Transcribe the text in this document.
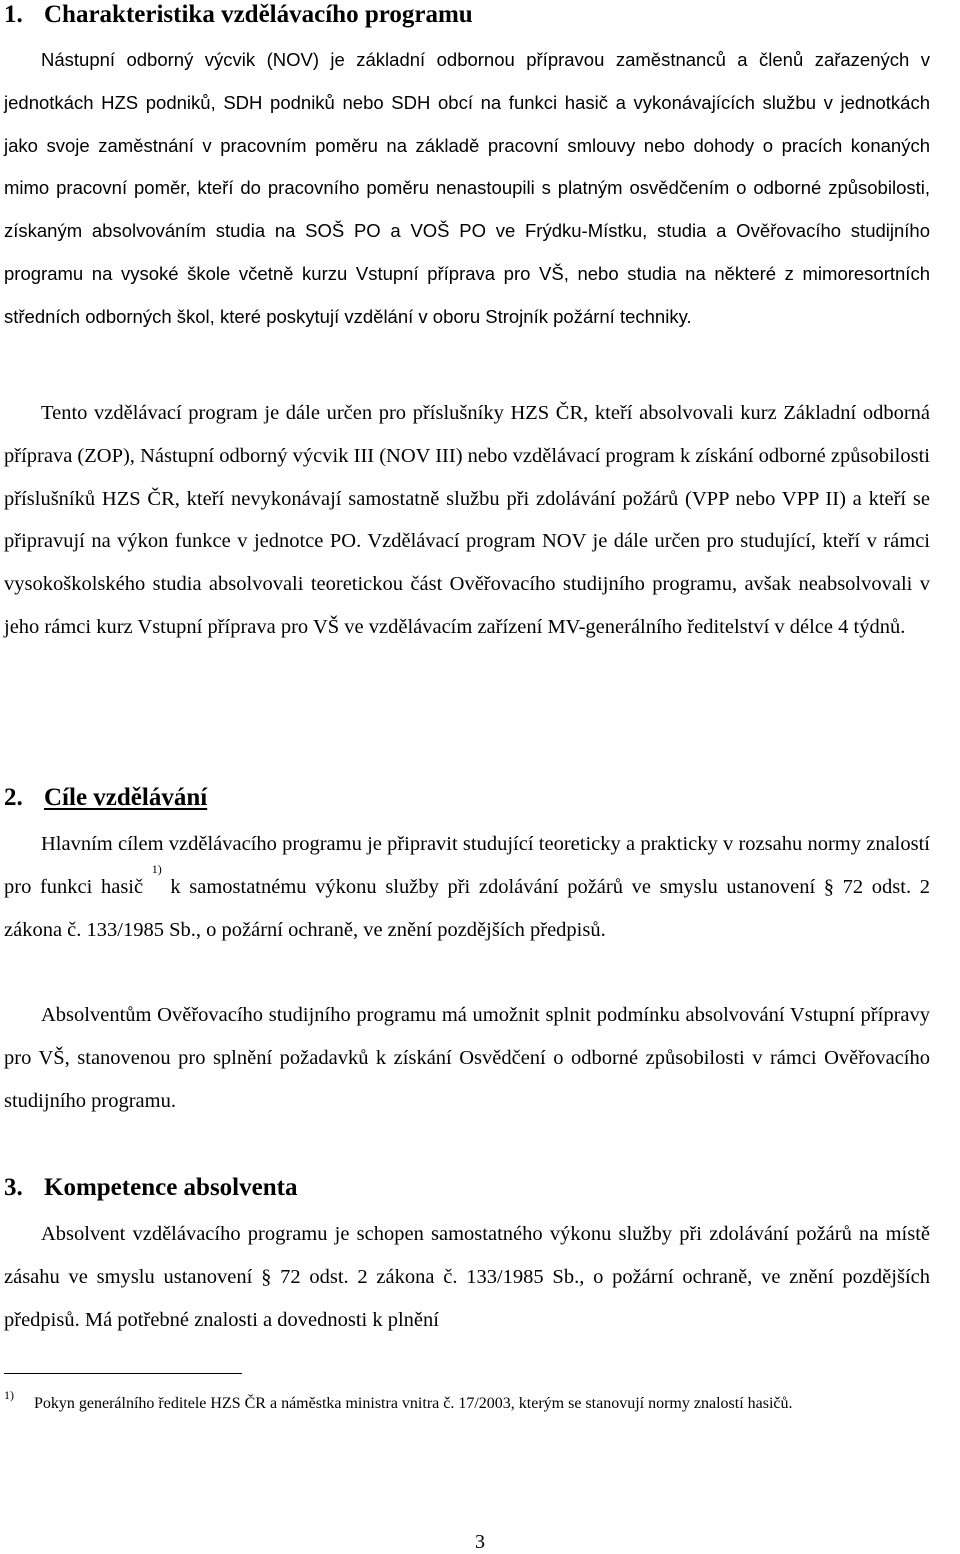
1. Charakteristika vzdělávacího programu

Nástupní odborný výcvik (NOV) je základní odbornou přípravou zaměstnanců a členů zařazených v jednotkách HZS podniků, SDH podniků nebo SDH obcí na funkci hasič a vykonávajících službu v jednotkách jako svoje zaměstnání v pracovním poměru na základě pracovní smlouvy nebo dohody o pracích konaných mimo pracovní poměr, kteří do pracovního poměru nenastoupili s platným osvědčením o odborné způsobilosti, získaným absolvováním studia na SOŠ PO a VOŠ PO ve Frýdku-Místku, studia a Ověřovacího studijního programu na vysoké škole včetně kurzu Vstupní příprava pro VŠ, nebo studia na některé z mimoresortních středních odborných škol, které poskytují vzdělání v oboru Strojník požární techniky.

Tento vzdělávací program je dále určen pro příslušníky HZS ČR, kteří absolvovali kurz Základní odborná příprava (ZOP), Nástupní odborný výcvik III (NOV III) nebo vzdělávací program k získání odborné způsobilosti příslušníků HZS ČR, kteří nevykonávají samostatně službu při zdolávání požárů (VPP nebo VPP II) a kteří se připravují na výkon funkce v jednotce PO. Vzdělávací program NOV je dále určen pro studující, kteří v rámci vysokoškolského studia absolvovali teoretickou část Ověřovacího studijního programu, avšak neabsolvovali v jeho rámci kurz Vstupní příprava pro VŠ ve vzdělávacím zařízení MV-generálního ředitelství v délce 4 týdnů.

2. Cíle vzdělávání

Hlavním cílem vzdělávacího programu je připravit studující teoreticky a prakticky v rozsahu normy znalostí pro funkci hasič $^{1)}$ k samostatnému výkonu služby při zdolávání požárů ve smyslu ustanovení § 72 odst. 2 zákona č. 133/1985 Sb., o požární ochraně, ve znění pozdějších předpisů.

Absolventům Ověřovacího studijního programu má umožnit splnit podmínku absolvování Vstupní přípravy pro VŠ, stanovenou pro splnění požadavků k získání Osvědčení o odborné způsobilosti v rámci Ověřovacího studijního programu.

3. Kompetence absolventa

Absolvent vzdělávacího programu je schopen samostatného výkonu služby při zdolávání požárů na místě zásahu ve smyslu ustanovení § 72 odst. 2 zákona č. 133/1985 Sb., o požární ochraně, ve znění pozdějších předpisů. Má potřebné znalosti a dovednosti k plnění

1) Pokyn generálního ředitele HZS ČR a náměstka ministra vnitra č. 17/2003, kterým se stanovují normy znalostí hasičů.
3
